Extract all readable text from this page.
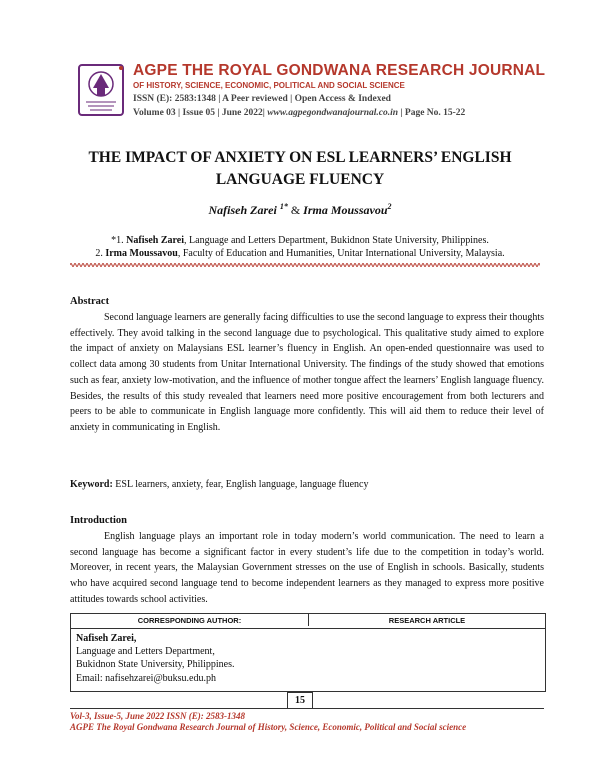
AGPE THE ROYAL GONDWANA RESEARCH JOURNAL
OF HISTORY, SCIENCE, ECONOMIC, POLITICAL AND SOCIAL SCIENCE
ISSN (E): 2583:1348 | A Peer reviewed | Open Access & Indexed
Volume 03 | Issue 05 | June 2022| www.agpegondwanajournal.co.in | Page No. 15-22
THE IMPACT OF ANXIETY ON ESL LEARNERS’ ENGLISH
LANGUAGE FLUENCY
Nafiseh Zarei $^{1*}$ & Irma Moussavou$^2$
*1. Nafiseh Zarei, Language and Letters Department, Bukidnon State University, Philippines.
2. Irma Moussavou, Faculty of Education and Humanities, Unitar International University, Malaysia.
Abstract

Second language learners are generally facing difficulties to use the second language to express their thoughts effectively. They avoid talking in the second language due to psychological. This qualitative study aimed to explore the impact of anxiety on Malaysians ESL learner’s fluency in English. An open-ended questionnaire was used to collect data among 30 students from Unitar International University. The findings of the study showed that emotions such as fear, anxiety low-motivation, and the influence of mother tongue affect the learners’ English language fluency. Besides, the results of this study revealed that learners need more positive encouragement from both lecturers and peers to be able to communicate in English language more confidently. This will aid them to reduce their level of anxiety in communicating in English.

Keyword: ESL learners, anxiety, fear, English language, language fluency
Introduction

English language plays an important role in today modern’s world communication. The need to learn a second language has become a significant factor in every student’s life due to the competition in today’s world. Moreover, in recent years, the Malaysian Government stresses on the use of English in schools. Basically, students who have acquired second language tend to become independent learners as they managed to express more positive attitudes towards school activities.

CORRESPONDING AUTHOR:	RESEARCH ARTICLE
Nafiseh Zarei,
Language and Letters Department,
Bukidnon State University, Philippines.
Email: nafisehzarei@buksu.edu.ph
15
Vol-3, Issue-5, June 2022 ISSN (E): 2583-1348
AGPE The Royal Gondwana Research Journal of History, Science, Economic, Political and Social science
